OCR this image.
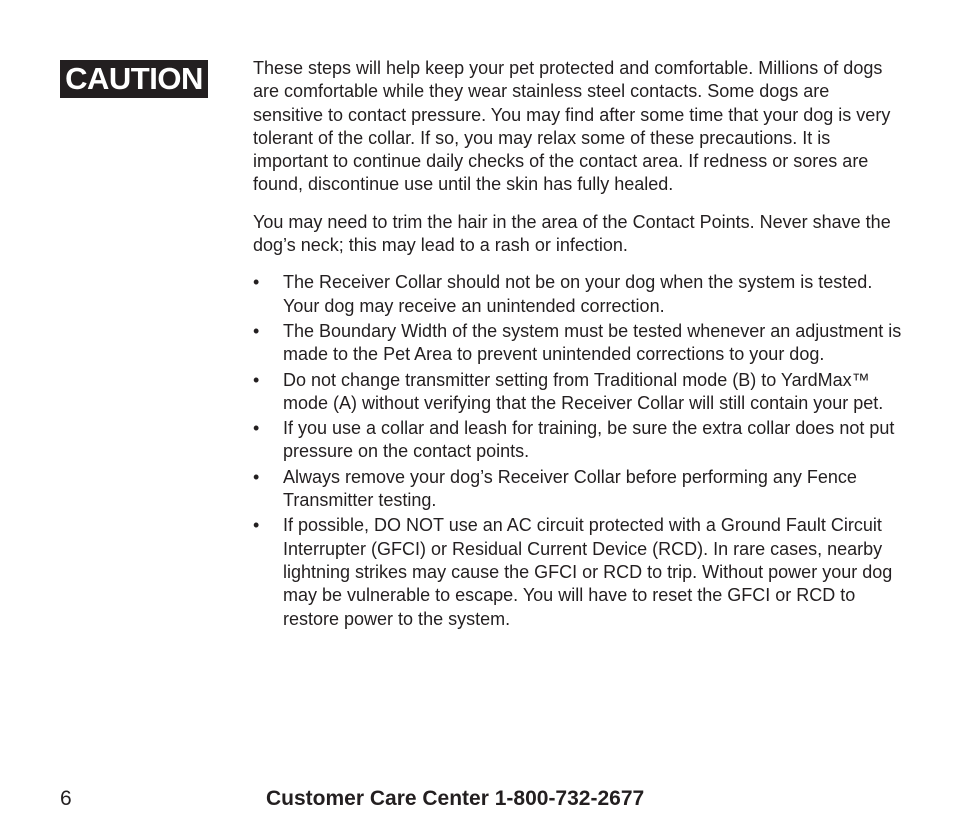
CAUTION	These steps will help keep your pet protected and comfortable. Millions of dogs are comfortable while they wear stainless steel contacts. Some dogs are sensitive to contact pressure. You may find after some time that your dog is very tolerant of the collar. If so, you may relax some of these precautions. It is important to continue daily checks of the contact area. If redness or sores are found, discontinue use until the skin has fully healed.

You may need to trim the hair in the area of the Contact Points. Never shave the dog’s neck; this may lead to a rash or infection.

• The Receiver Collar should not be on your dog when the system is tested. Your dog may receive an unintended correction.
• The Boundary Width of the system must be tested whenever an adjustment is made to the Pet Area to prevent unintended corrections to your dog.
• Do not change transmitter setting from Traditional mode (B) to YardMax™ mode (A) without verifying that the Receiver Collar will still contain your pet.
• If you use a collar and leash for training, be sure the extra collar does not put pressure on the contact points.
• Always remove your dog’s Receiver Collar before performing any Fence Transmitter testing.
• If possible, DO NOT use an AC circuit protected with a Ground Fault Circuit Interrupter (GFCI) or Residual Current Device (RCD). In rare cases, nearby lightning strikes may cause the GFCI or RCD to trip. Without power your dog may be vulnerable to escape. You will have to reset the GFCI or RCD to restore power to the system.
6	Customer Care Center 1-800-732-2677
